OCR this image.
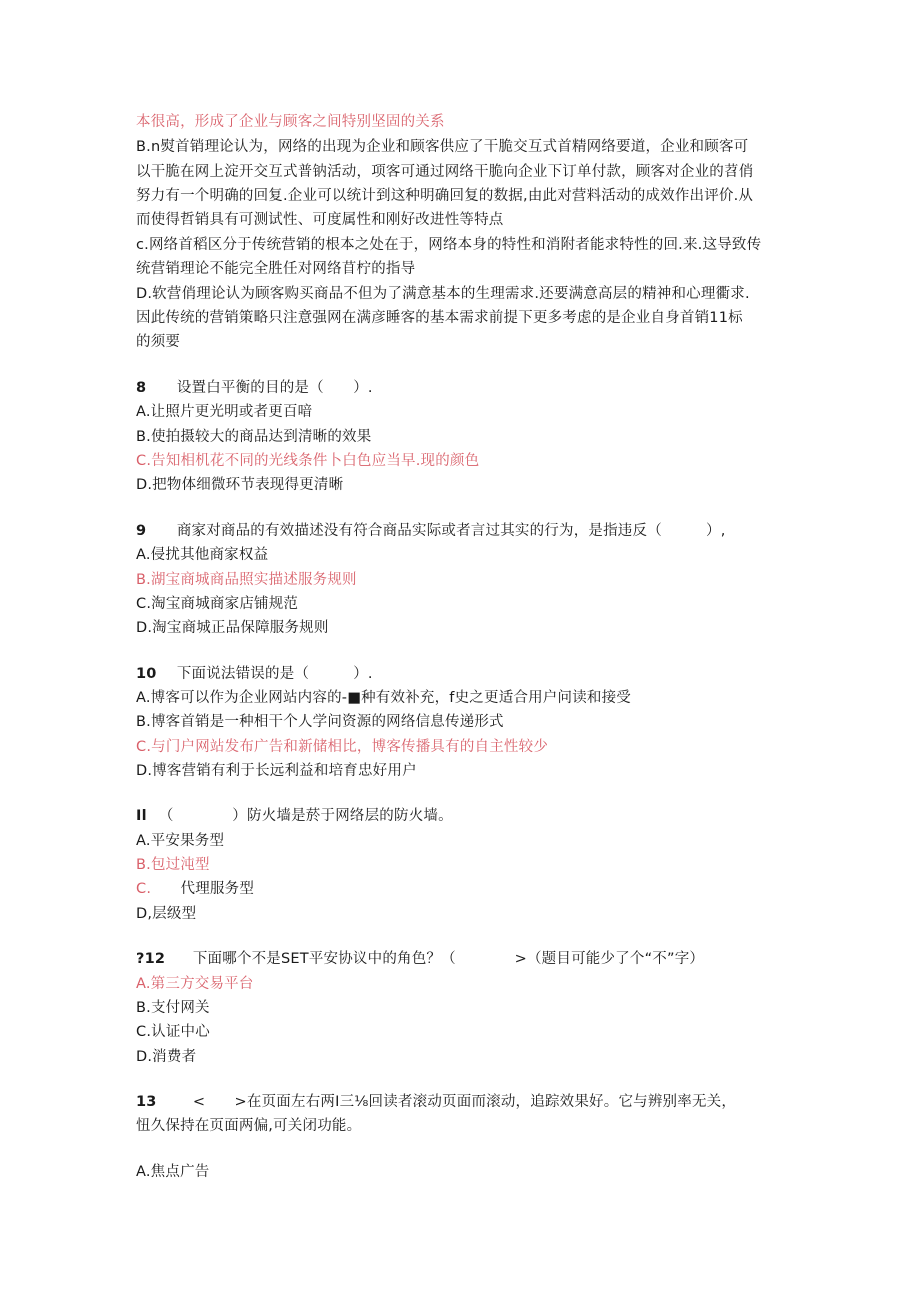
本很高，形成了企业与顾客之间特别坚固的关系
B.n熨首销理论认为，网络的出现为企业和顾客供应了干脆交互式首精网络要道，企业和顾客可
以干脆在网上淀开交互式普钠活动，项客可通过网络干脆向企业下订单付款，顾客对企业的苕俏
努力有一个明确的回复.企业可以统计到这种明确回复的数据,由此对营料活动的成效作出评价.从
而使得哲销具有可测试性、可度属性和刚好改进性等特点
c.网络首稻区分于传统营销的根本之处在于，网络本身的特性和消附者能求特性的回.来.这导致传
统营销理论不能完全胜任对网络苜柠的指导
D.软营俏理论认为顾客购买商品不但为了满意基本的生理需求.还要满意高层的精神和心理衢求.
因此传统的营销策略只注意强网在满彦睡客的基本需求前提下更多考虑的是企业自身首销11标
的须要
8 设置白平衡的目的是（　　）.
A.让照片更光明或者更百喑
B.使拍摄较大的商品达到清晰的效果
C.告知相机花不同的光线条件卜白色应当早.现的颜色
D.把物体细微环节表现得更清晰
9 商家对商品的有效描述没有符合商品实际或者言过其实的行为，是指违反（　　　）,
A.侵扰其他商家权益
B.湖宝商城商品照实描述服务规则
C.淘宝商城商家店铺规范
D.淘宝商城正品保障服务规则
10 下面说法错误的是（　　　）.
A.博客可以作为企业网站内容的-■种有效补充，f史之更适合用户问读和接受
B.博客首销是一种相干个人学问资源的网络信息传递形式
C.与门户网站发布广告和新储相比，博客传播具有的自主性较少
D.博客营销有利于长远利益和培育忠好用户
Il （　　　　）防火墙是菸于网络层的防火墙。
A.平安果务型
B.包过沌型
C.　　代理服务型
D,层级型
?12 下面哪个不是SET平安协议中的角色？（　　　　>（题目可能少了个“不”字）
A.第三方交易平台
B.支付网关
C.认证中心
D.消费者
13 <　　>在页面左右两I三⅛回读者滚动页面而滚动，追踪效果好。它与辨别率无关，
忸久保持在页面两偏,可关闭功能。
A.焦点广告
